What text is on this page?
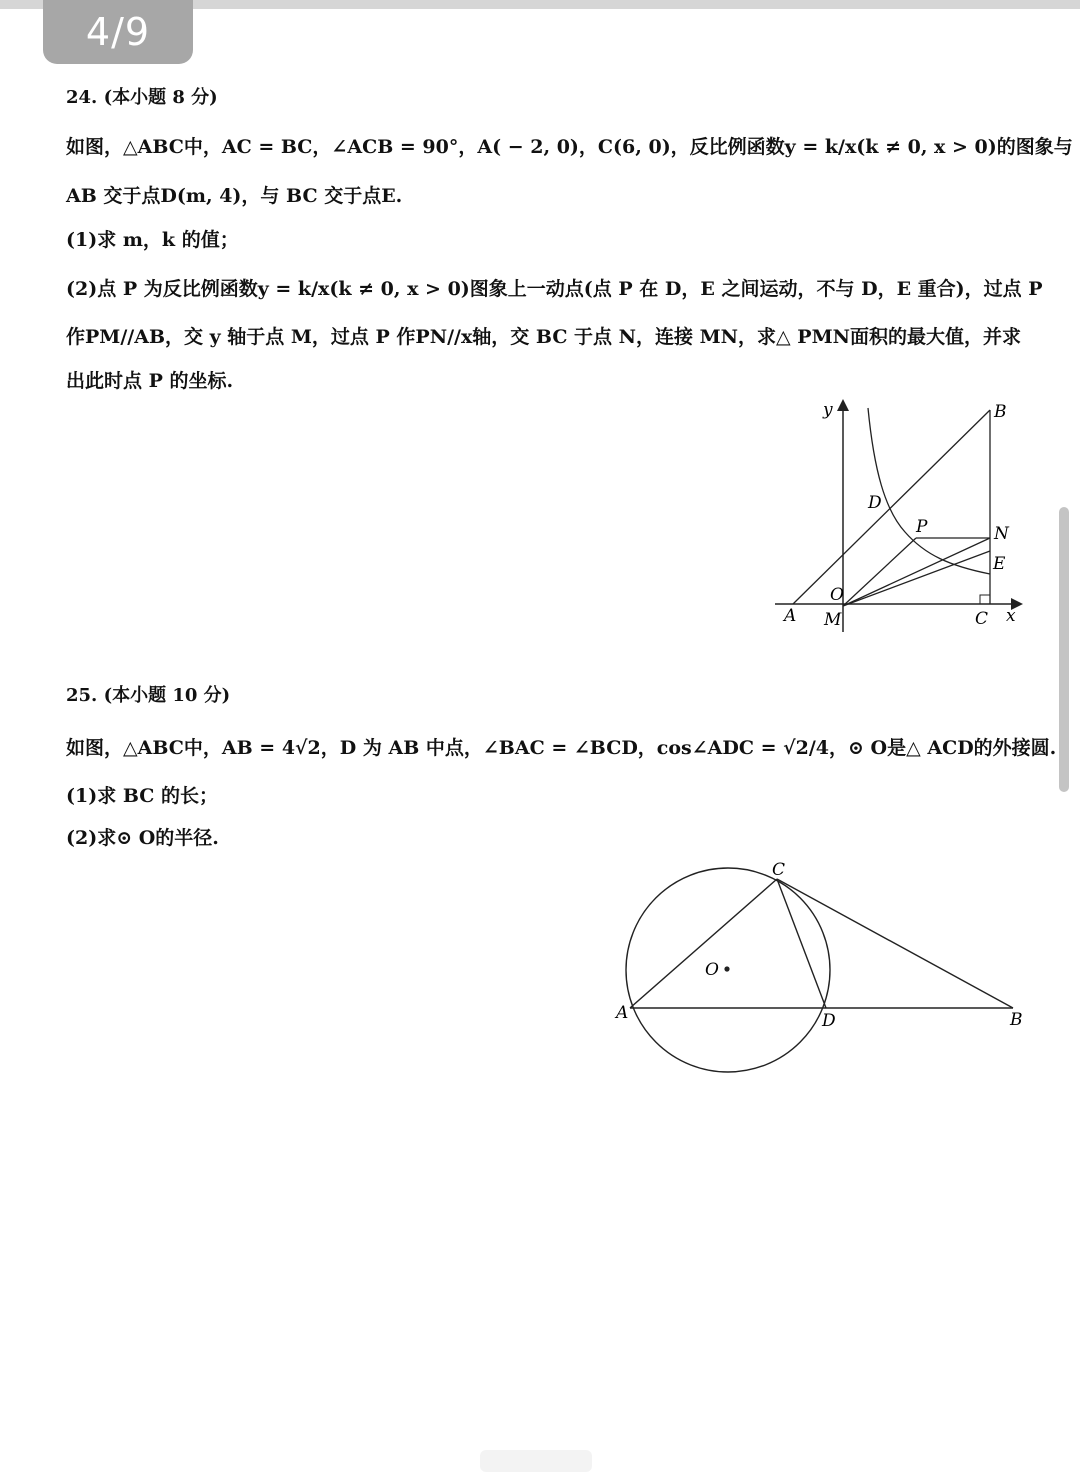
4/9
24. (本小题 8 分)
如图，△ABC中，AC = BC，∠ACB = 90°，A( − 2, 0)，C(6, 0)，反比例函数y = k/x(k ≠ 0, x > 0)的图象与
AB 交于点D(m, 4)，与 BC 交于点E.
(1)求 m，k 的值；
(2)点 P 为反比例函数y = k/x(k ≠ 0, x > 0)图象上一动点(点 P 在 D，E 之间运动，不与 D，E 重合)，过点 P
作PM//AB，交 y 轴于点 M，过点 P 作PN//x轴，交 BC 于点 N，连接 MN，求△ PMN面积的最大值，并求
出此时点 P 的坐标.
y	B
D
P	N
E
O
A M	C x
25. (本小题 10 分)
如图，△ABC中，AB = 4√2，D 为 AB 中点，∠BAC = ∠BCD，cos∠ADC = √2/4，⊙ O是△ ACD的外接圆.
(1)求 BC 的长；
(2)求⊙ O的半径.
C
O
A	D	B
